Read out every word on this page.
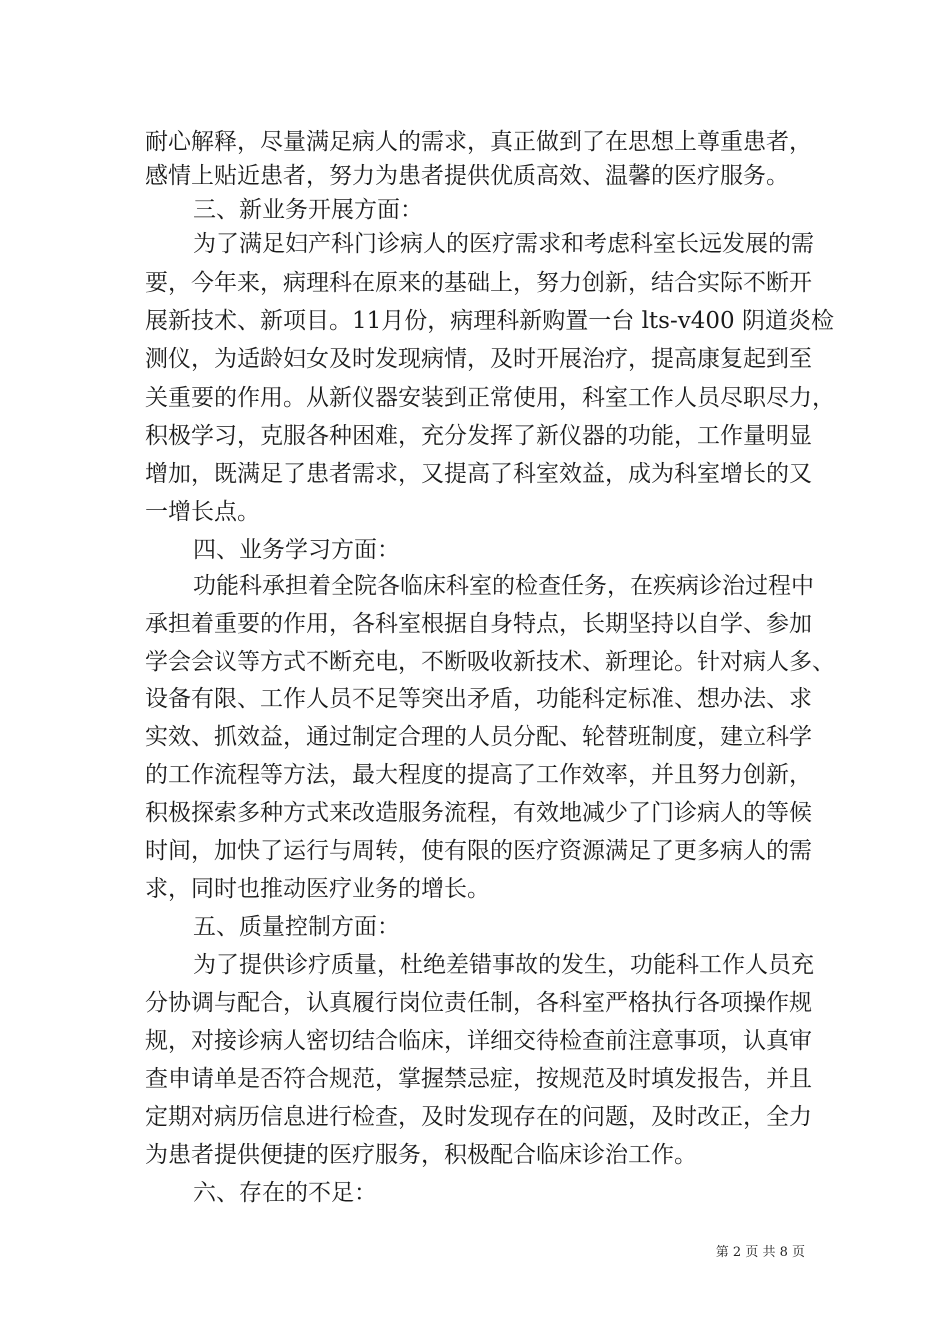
耐心解释，尽量满足病人的需求，真正做到了在思想上尊重患者，
感情上贴近患者，努力为患者提供优质高效、温馨的医疗服务。
三、新业务开展方面：
为了满足妇产科门诊病人的医疗需求和考虑科室长远发展的需
要，今年来，病理科在原来的基础上，努力创新，结合实际不断开
展新技术、新项目。11月份，病理科新购置一台 lts-v400 阴道炎检
测仪，为适龄妇女及时发现病情，及时开展治疗，提高康复起到至
关重要的作用。从新仪器安装到正常使用，科室工作人员尽职尽力，
积极学习，克服各种困难，充分发挥了新仪器的功能，工作量明显
增加，既满足了患者需求，又提高了科室效益，成为科室增长的又
一增长点。
四、业务学习方面：
功能科承担着全院各临床科室的检查任务，在疾病诊治过程中
承担着重要的作用，各科室根据自身特点，长期坚持以自学、参加
学会会议等方式不断充电，不断吸收新技术、新理论。针对病人多、
设备有限、工作人员不足等突出矛盾，功能科定标准、想办法、求
实效、抓效益，通过制定合理的人员分配、轮替班制度，建立科学
的工作流程等方法，最大程度的提高了工作效率，并且努力创新，
积极探索多种方式来改造服务流程，有效地减少了门诊病人的等候
时间，加快了运行与周转，使有限的医疗资源满足了更多病人的需
求，同时也推动医疗业务的增长。
五、质量控制方面：
为了提供诊疗质量，杜绝差错事故的发生，功能科工作人员充
分协调与配合，认真履行岗位责任制，各科室严格执行各项操作规
规，对接诊病人密切结合临床，详细交待检查前注意事项，认真审
查申请单是否符合规范，掌握禁忌症，按规范及时填发报告，并且
定期对病历信息进行检查，及时发现存在的问题，及时改正，全力
为患者提供便捷的医疗服务，积极配合临床诊治工作。
六、存在的不足：
第 2 页 共 8 页
